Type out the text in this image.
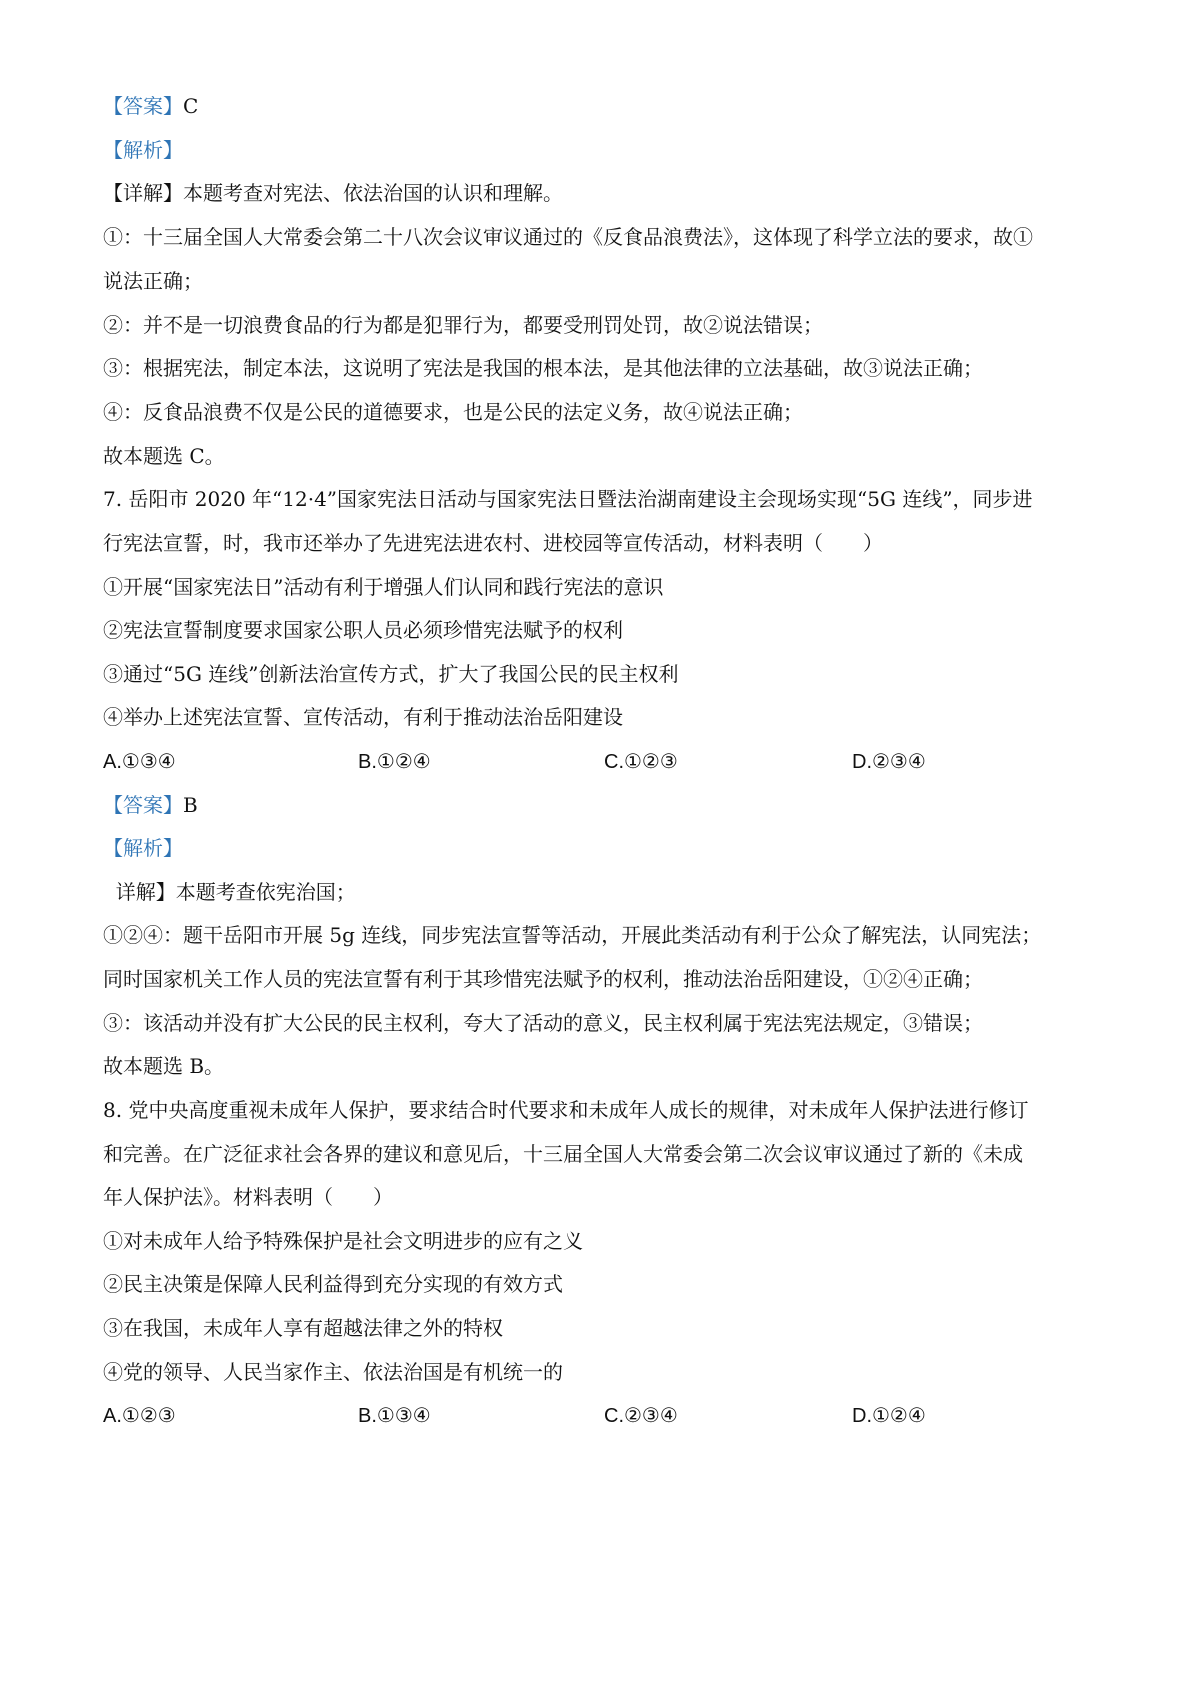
【答案】C
【解析】
【详解】本题考查对宪法、依法治国的认识和理解。
①：十三届全国人大常委会第二十八次会议审议通过的《反食品浪费法》，这体现了科学立法的要求，故①
说法正确；
②：并不是一切浪费食品的行为都是犯罪行为，都要受刑罚处罚，故②说法错误；
③：根据宪法，制定本法，这说明了宪法是我国的根本法，是其他法律的立法基础，故③说法正确；
④：反食品浪费不仅是公民的道德要求，也是公民的法定义务，故④说法正确；
故本题选 C。
7. 岳阳市 2020 年“12·4”国家宪法日活动与国家宪法日暨法治湖南建设主会现场实现“5G 连线”，同步进
行宪法宣誓，时，我市还举办了先进宪法进农村、进校园等宣传活动，材料表明（　　）
①开展“国家宪法日”活动有利于增强人们认同和践行宪法的意识
②宪法宣誓制度要求国家公职人员必须珍惜宪法赋予的权利
③通过“5G 连线”创新法治宣传方式，扩大了我国公民的民主权利
④举办上述宪法宣誓、宣传活动，有利于推动法治岳阳建设
A.①③④	B.①②④	C.①②③	D.②③④
【答案】B
【解析】
详解】本题考查依宪治国；
①②④：题干岳阳市开展 5g 连线，同步宪法宣誓等活动，开展此类活动有利于公众了解宪法，认同宪法；
同时国家机关工作人员的宪法宣誓有利于其珍惜宪法赋予的权利，推动法治岳阳建设，①②④正确；
③：该活动并没有扩大公民的民主权利，夸大了活动的意义，民主权利属于宪法宪法规定，③错误；
故本题选 B。
8. 党中央高度重视未成年人保护，要求结合时代要求和未成年人成长的规律，对未成年人保护法进行修订
和完善。在广泛征求社会各界的建议和意见后，十三届全国人大常委会第二次会议审议通过了新的《未成
年人保护法》。材料表明（　　）
①对未成年人给予特殊保护是社会文明进步的应有之义
②民主决策是保障人民利益得到充分实现的有效方式
③在我国，未成年人享有超越法律之外的特权
④党的领导、人民当家作主、依法治国是有机统一的
A.①②③	B.①③④	C.②③④	D.①②④
